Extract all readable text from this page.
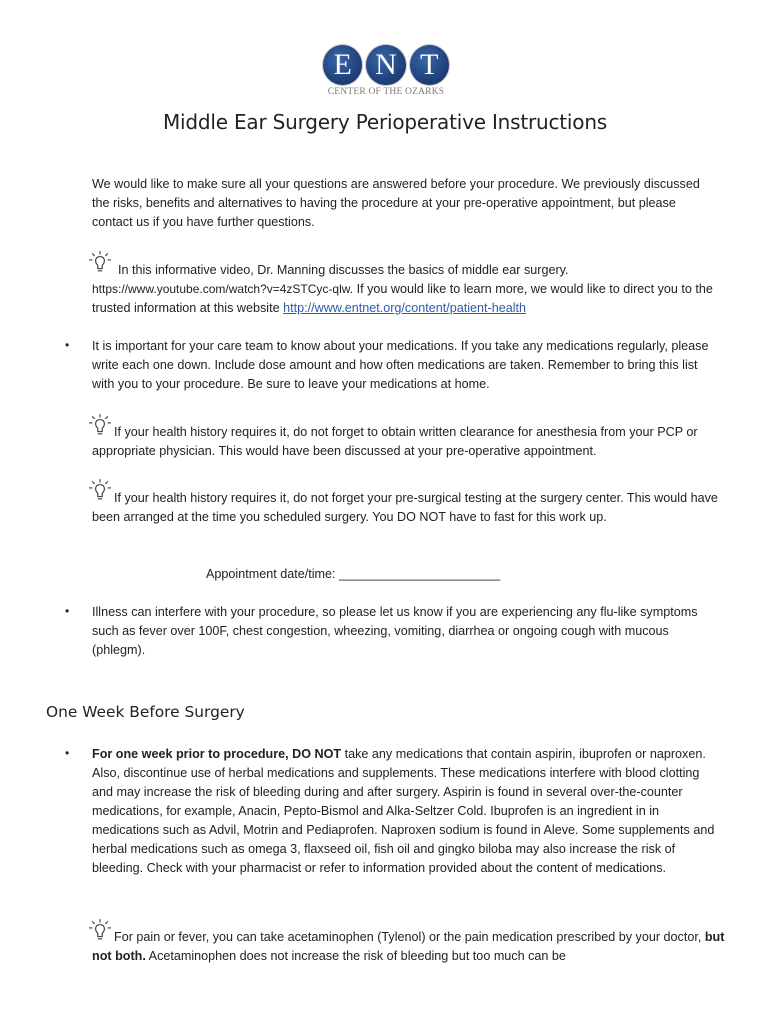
E N T
CENTER OF THE OZARKS
Middle Ear Surgery Perioperative Instructions

We would like to make sure all your questions are answered before your procedure. We previously discussed the risks, benefits and alternatives to having the procedure at your pre-operative appointment, but please contact us if you have further questions.

In this informative video, Dr. Manning discusses the basics of middle ear surgery.

https://www.youtube.com/watch?v=4zSTCyc-qlw. If you would like to learn more, we would like to direct you to the trusted information at this website http://www.entnet.org/content/patient-health

• It is important for your care team to know about your medications. If you take any medications regularly, please write each one down. Include dose amount and how often medications are taken. Remember to bring this list with you to your procedure. Be sure to leave your medications at home.

If your health history requires it, do not forget to obtain written clearance for anesthesia from your PCP or appropriate physician. This would have been discussed at your pre-operative appointment.

If your health history requires it, do not forget your pre-surgical testing at the surgery center. This would have been arranged at the time you scheduled surgery. You DO NOT have to fast for this work up.

Appointment date/time: _______________________

• Illness can interfere with your procedure, so please let us know if you are experiencing any flu-like symptoms such as fever over 100F, chest congestion, wheezing, vomiting, diarrhea or ongoing cough with mucous (phlegm).

One Week Before Surgery
• For one week prior to procedure, DO NOT take any medications that contain aspirin, ibuprofen or naproxen. Also, discontinue use of herbal medications and supplements. These medications interfere with blood clotting and may increase the risk of bleeding during and after surgery. Aspirin is found in several over-the-counter medications, for example, Anacin, Pepto-Bismol and Alka-Seltzer Cold. Ibuprofen is an ingredient in in medications such as Advil, Motrin and Pediaprofen. Naproxen sodium is found in Aleve. Some supplements and herbal medications such as omega 3, flaxseed oil, fish oil and gingko biloba may also increase the risk of bleeding. Check with your pharmacist or refer to information provided about the content of medications.

For pain or fever, you can take acetaminophen (Tylenol) or the pain medication prescribed by your doctor, but not both. Acetaminophen does not increase the risk of bleeding but too much can be
